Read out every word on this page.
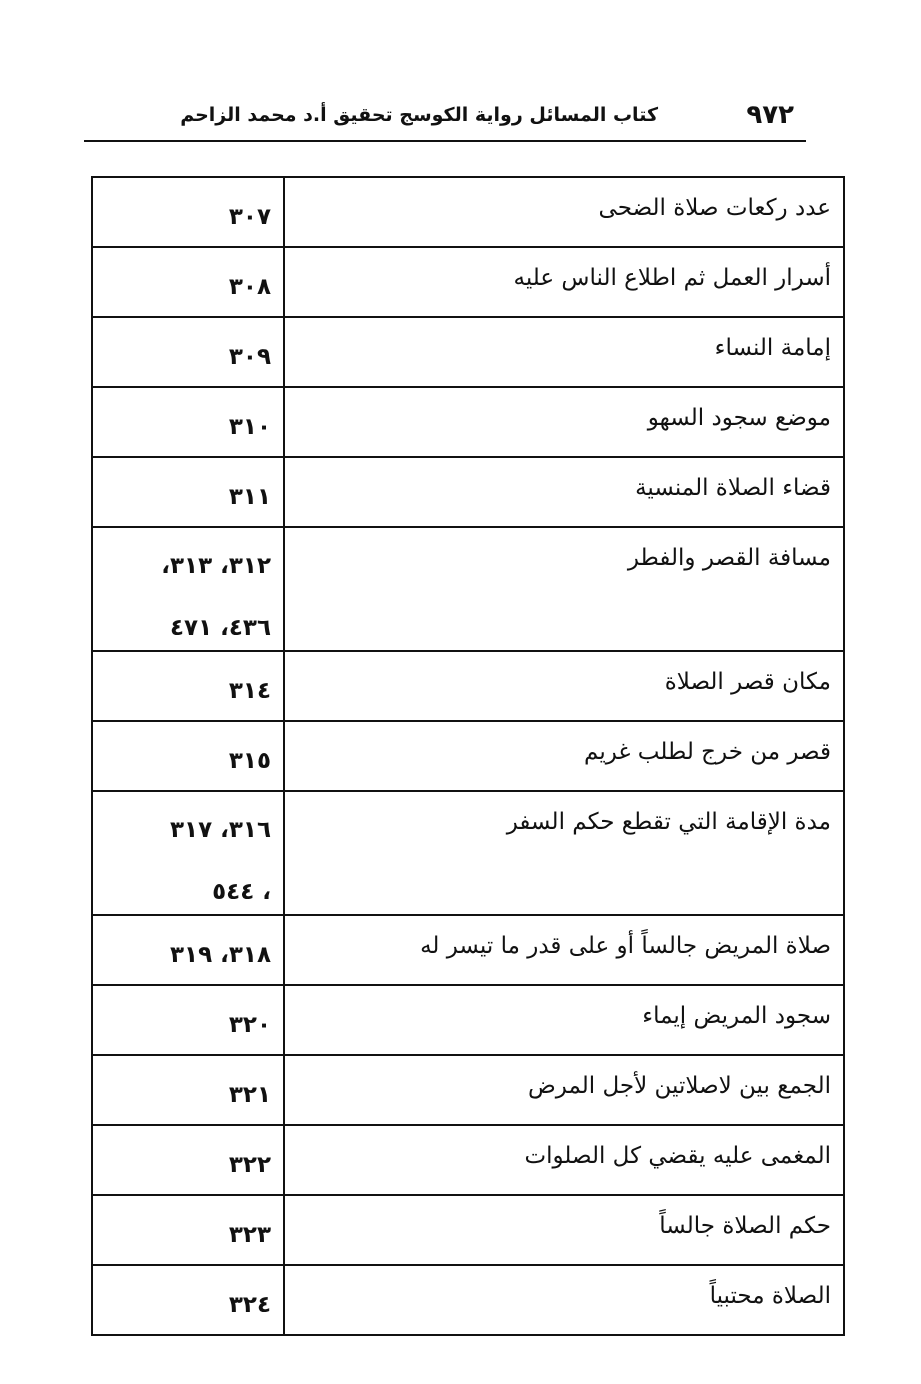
٩٧٢
كتاب المسائل رواية الكوسج تحقيق أ.د محمد الزاحم
عدد ركعات صلاة الضحى	٣٠٧
أسرار العمل ثم اطلاع الناس عليه	٣٠٨
إمامة النساء	٣٠٩
موضع سجود السهو	٣١٠
قضاء الصلاة المنسية	٣١١
مسافة القصر والفطر	٣١٢، ٣١٣،
٤٣٦، ٤٧١

مكان قصر الصلاة	٣١٤
قصر من خرج لطلب غريم	٣١٥
مدة الإقامة التي تقطع حكم السفر	٣١٦، ٣١٧
، ٥٤٤

صلاة المريض جالساً أو على قدر ما تيسر له	٣١٨، ٣١٩
سجود المريض إيماء	٣٢٠
الجمع بين لاصلاتين لأجل المرض	٣٢١
المغمى عليه يقضي كل الصلوات	٣٢٢
حكم الصلاة جالساً	٣٢٣
الصلاة محتبياً	٣٢٤
